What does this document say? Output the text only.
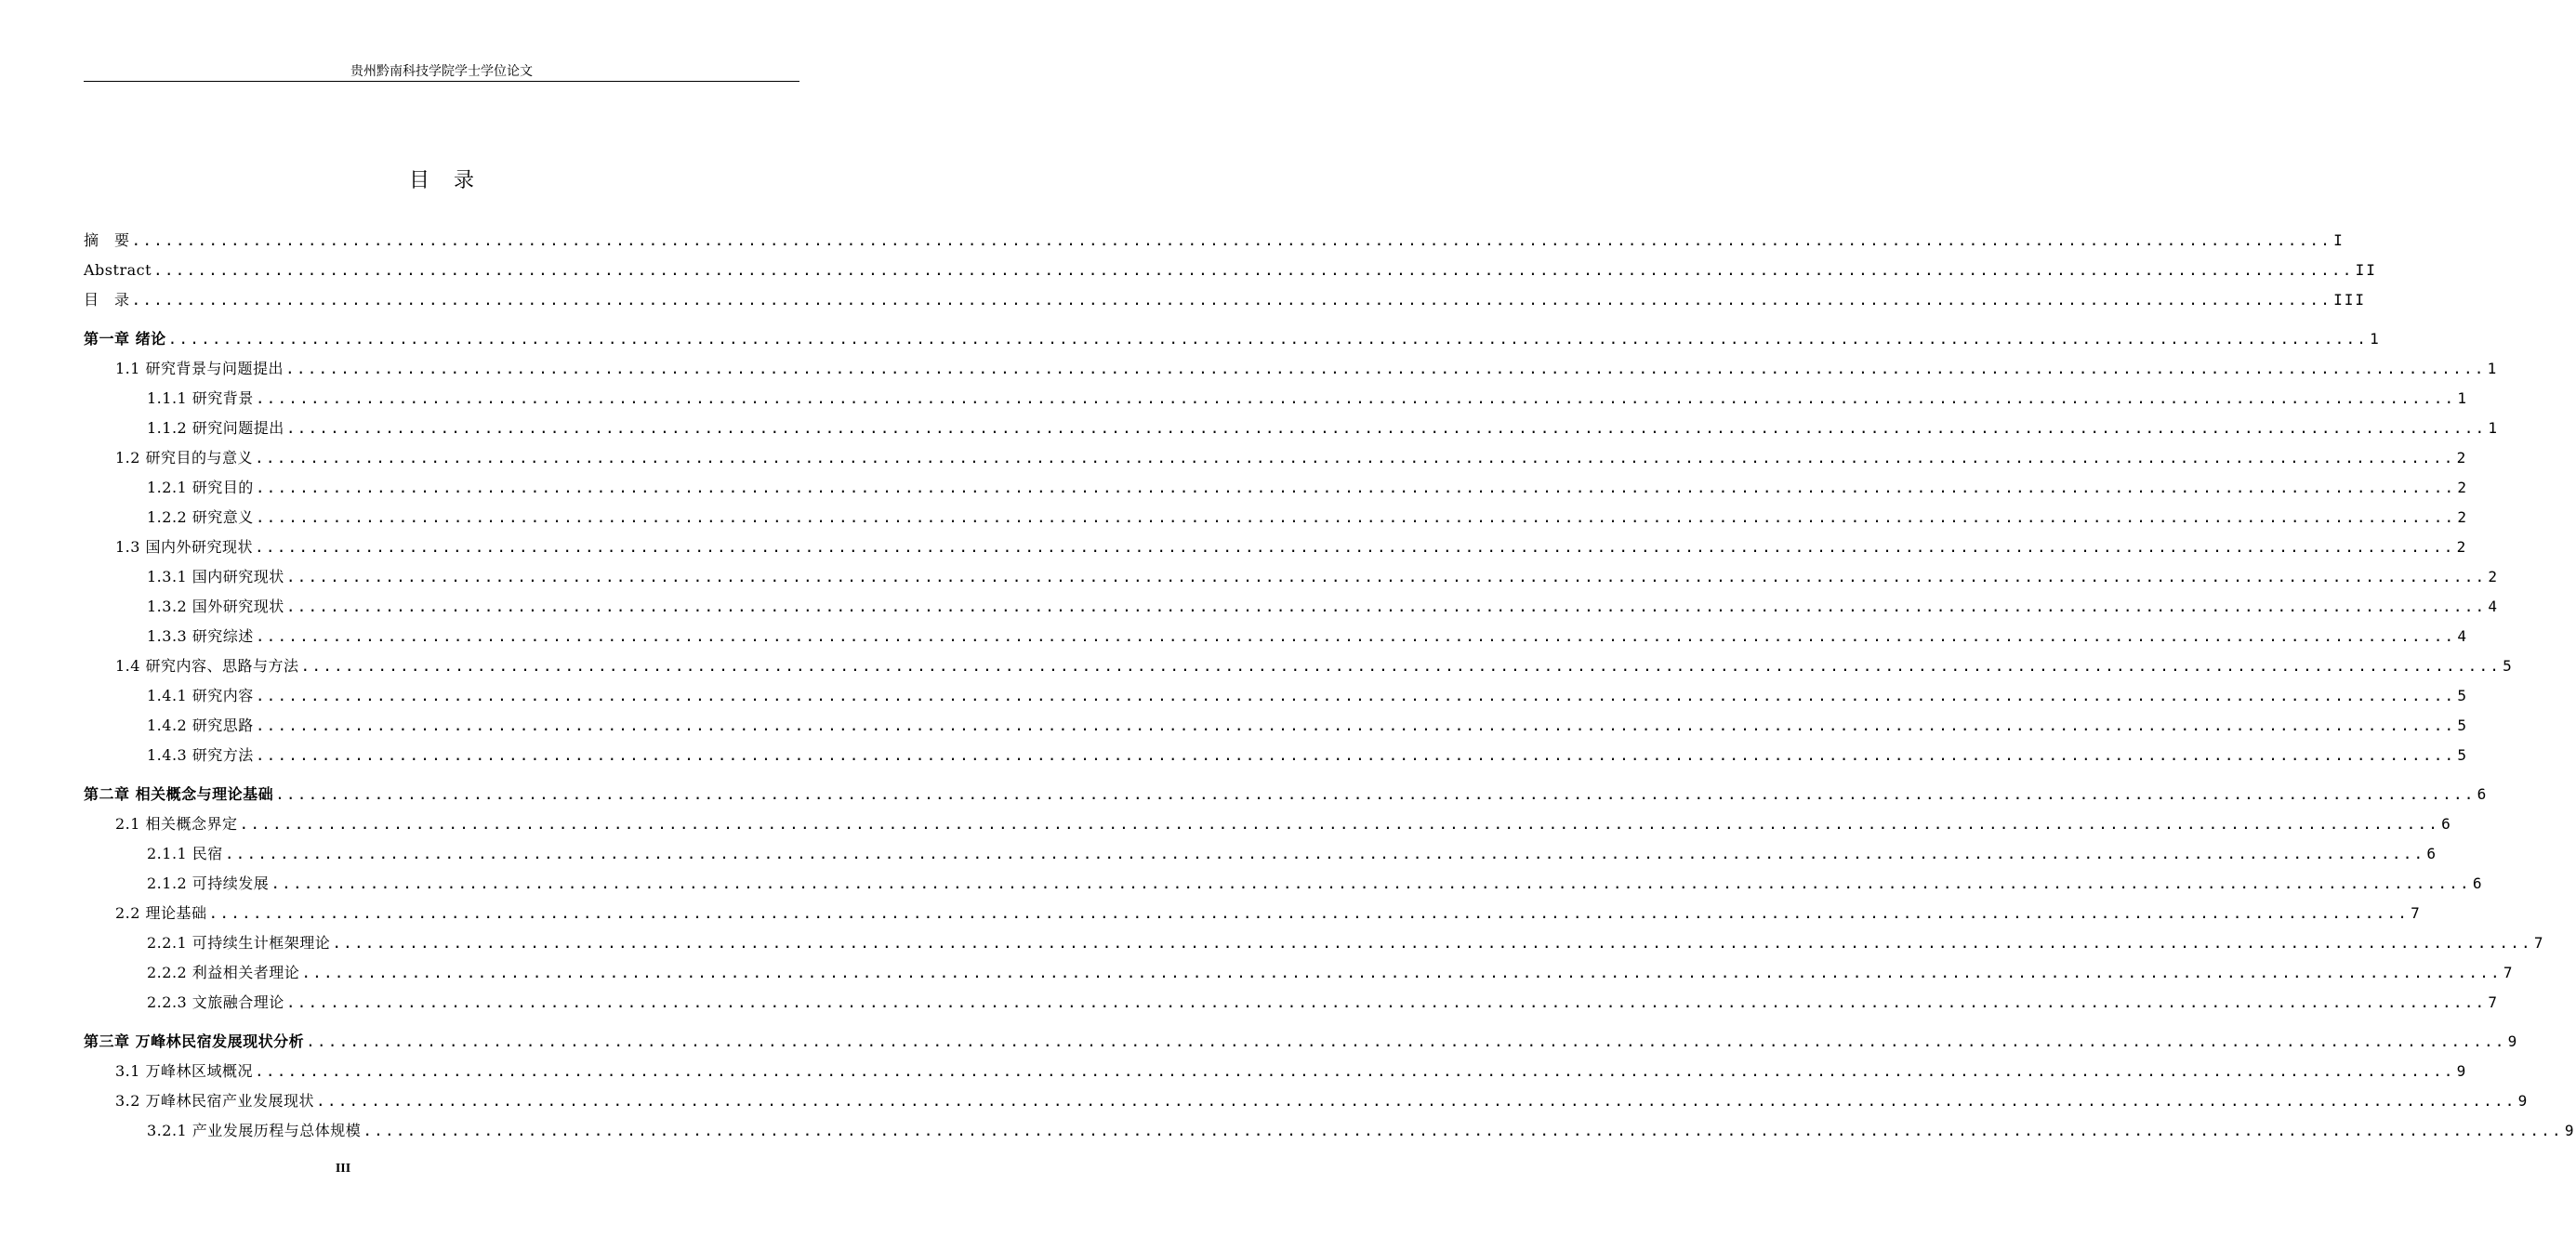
贵州黔南科技学院学士学位论文
目录
摘　要 ........................................................................................................................................................................................................ I
Abstract ........................................................................................................................................................................................................ II
目　录 ........................................................................................................................................................................................................ III
第一章 绪论 ........................................................................................................................................................................................................ 1
1.1 研究背景与问题提出 ........................................................................................................................................................................................................ 1
1.1.1 研究背景 ........................................................................................................................................................................................................ 1
1.1.2 研究问题提出 ........................................................................................................................................................................................................ 1
1.2 研究目的与意义 ........................................................................................................................................................................................................ 2
1.2.1 研究目的 ........................................................................................................................................................................................................ 2
1.2.2 研究意义 ........................................................................................................................................................................................................ 2
1.3 国内外研究现状 ........................................................................................................................................................................................................ 2
1.3.1 国内研究现状 ........................................................................................................................................................................................................ 2
1.3.2 国外研究现状 ........................................................................................................................................................................................................ 4
1.3.3 研究综述 ........................................................................................................................................................................................................ 4
1.4 研究内容、思路与方法 ........................................................................................................................................................................................................ 5
1.4.1 研究内容 ........................................................................................................................................................................................................ 5
1.4.2 研究思路 ........................................................................................................................................................................................................ 5
1.4.3 研究方法 ........................................................................................................................................................................................................ 5
第二章 相关概念与理论基础 ........................................................................................................................................................................................................ 6
2.1 相关概念界定 ........................................................................................................................................................................................................ 6
2.1.1 民宿 ........................................................................................................................................................................................................ 6
2.1.2 可持续发展 ........................................................................................................................................................................................................ 6
2.2 理论基础 ........................................................................................................................................................................................................ 7
2.2.1 可持续生计框架理论 ........................................................................................................................................................................................................ 7
2.2.2 利益相关者理论 ........................................................................................................................................................................................................ 7
2.2.3 文旅融合理论 ........................................................................................................................................................................................................ 7
第三章 万峰林民宿发展现状分析 ........................................................................................................................................................................................................ 9
3.1 万峰林区域概况 ........................................................................................................................................................................................................ 9
3.2 万峰林民宿产业发展现状 ........................................................................................................................................................................................................ 9
3.2.1 产业发展历程与总体规模 ........................................................................................................................................................................................................ 9
III
